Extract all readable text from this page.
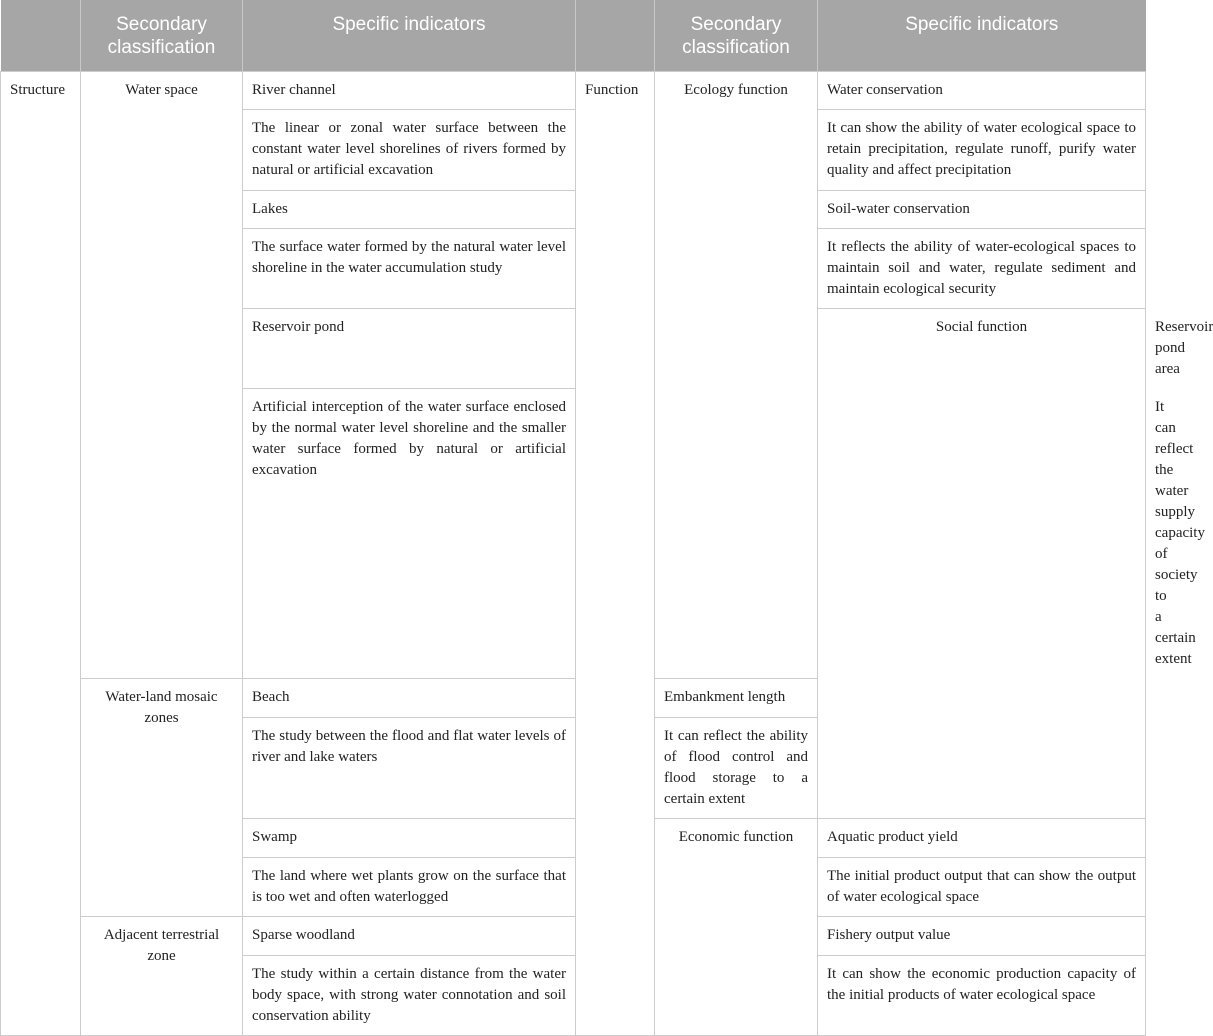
	Secondary classification	Specific indicators		Secondary classification	Specific indicators	
Structure	Water space	River channel	Function	Ecology function	Water conservation	
		The linear or zonal water surface between the constant water level shorelines of rivers formed by natural or artificial excavation			It can show the ability of water ecological space to retain precipitation, regulate runoff, purify water quality and affect precipitation	
		Lakes			Soil-water conservation	
		The surface water formed by the natural water level shoreline in the water accumulation study			It reflects the ability of water-ecological spaces to maintain soil and water, regulate sediment and maintain ecological security	
		Reservoir pond			Social function	Reservoir pond area
		Artificial interception of the water surface enclosed by the normal water level shoreline and the smaller water surface formed by natural or artificial excavation				It can reflect the water supply capacity of society to a certain extent
	Water-land mosaic zones	Beach		Embankment length		
		The study between the flood and flat water levels of river and lake waters		It can reflect the ability of flood control and flood storage to a certain extent		
		Swamp		Economic function	Aquatic product yield	
		The land where wet plants grow on the surface that is too wet and often waterlogged			The initial product output that can show the output of water ecological space	
	Adjacent terrestrial zone	Sparse woodland			Fishery output value	
		The study within a certain distance from the water body space, with strong water connotation and soil conservation ability			It can show the economic production capacity of the initial products of water ecological space	
